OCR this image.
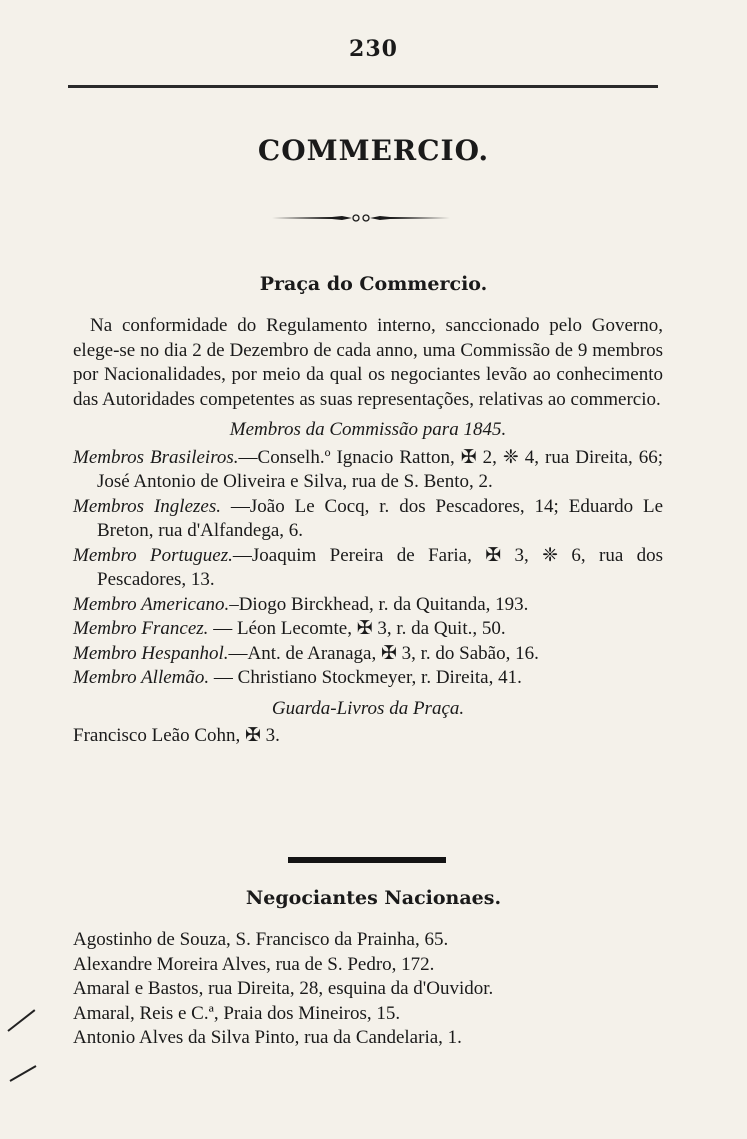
230
COMMERCIO.
Praça do Commercio.

Na conformidade do Regulamento interno, sanccionado pelo Governo, elege-se no dia 2 de Dezembro de cada anno, uma Commissão de 9 membros por Nacionalidades, por meio da qual os negociantes levão ao conhecimento das Autoridades competentes as suas representações, relativas ao commercio.

Membros da Commissão para 1845.

Membros Brasileiros.—Conselh.º Ignacio Ratton, ✠ 2, ❈ 4, rua Direita, 66; José Antonio de Oliveira e Silva, rua de S. Bento, 2.

Membros Inglezes. —João Le Cocq, r. dos Pescadores, 14; Eduardo Le Breton, rua d'Alfandega, 6.

Membro Portuguez.—Joaquim Pereira de Faria, ✠ 3, ❈ 6, rua dos Pescadores, 13.

Membro Americano.–Diogo Birckhead, r. da Quitanda, 193.

Membro Francez. — Léon Lecomte, ✠ 3, r. da Quit., 50.

Membro Hespanhol.—Ant. de Aranaga, ✠ 3, r. do Sabão, 16.

Membro Allemão. — Christiano Stockmeyer, r. Direita, 41.

Guarda-Livros da Praça.

Francisco Leão Cohn, ✠ 3.

Negociantes Nacionaes.

Agostinho de Souza, S. Francisco da Prainha, 65.

Alexandre Moreira Alves, rua de S. Pedro, 172.

Amaral e Bastos, rua Direita, 28, esquina da d'Ouvidor.

Amaral, Reis e C.ª, Praia dos Mineiros, 15.

Antonio Alves da Silva Pinto, rua da Candelaria, 1.
